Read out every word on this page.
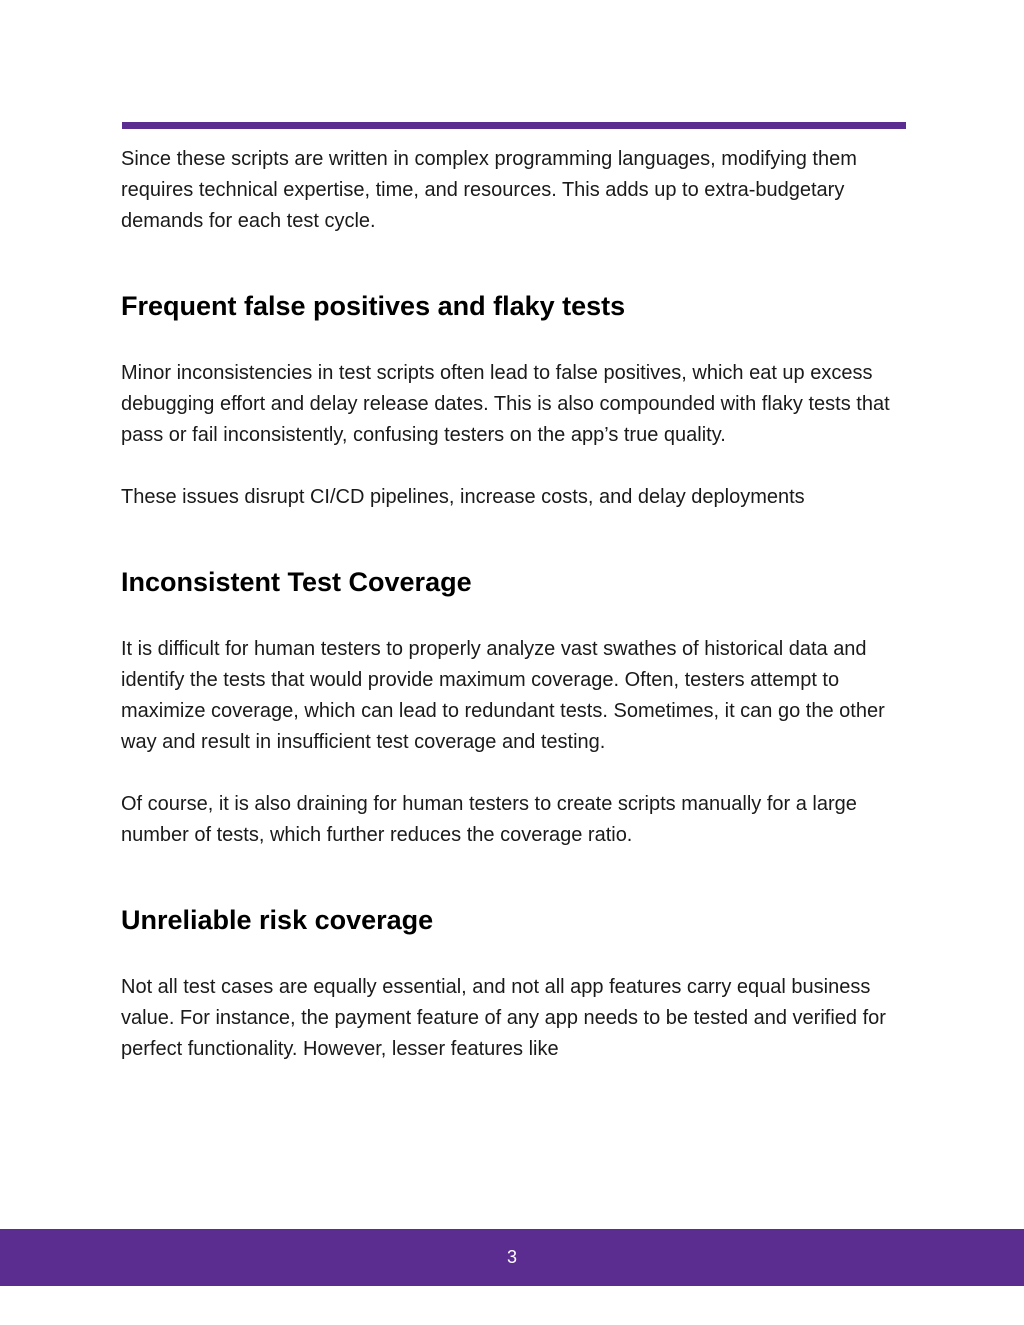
Since these scripts are written in complex programming languages, modifying them requires technical expertise, time, and resources. This adds up to extra-budgetary demands for each test cycle.

Frequent false positives and flaky tests

Minor inconsistencies in test scripts often lead to false positives, which eat up excess debugging effort and delay release dates. This is also compounded with flaky tests that pass or fail inconsistently, confusing testers on the app’s true quality.

These issues disrupt CI/CD pipelines, increase costs, and delay deployments

Inconsistent Test Coverage

It is difficult for human testers to properly analyze vast swathes of historical data and identify the tests that would provide maximum coverage. Often, testers attempt to maximize coverage, which can lead to redundant tests. Sometimes, it can go the other way and result in insufficient test coverage and testing.

Of course, it is also draining for human testers to create scripts manually for a large number of tests, which further reduces the coverage ratio.

Unreliable risk coverage

Not all test cases are equally essential, and not all app features carry equal business value. For instance, the payment feature of any app needs to be tested and verified for perfect functionality. However, lesser features like

3
